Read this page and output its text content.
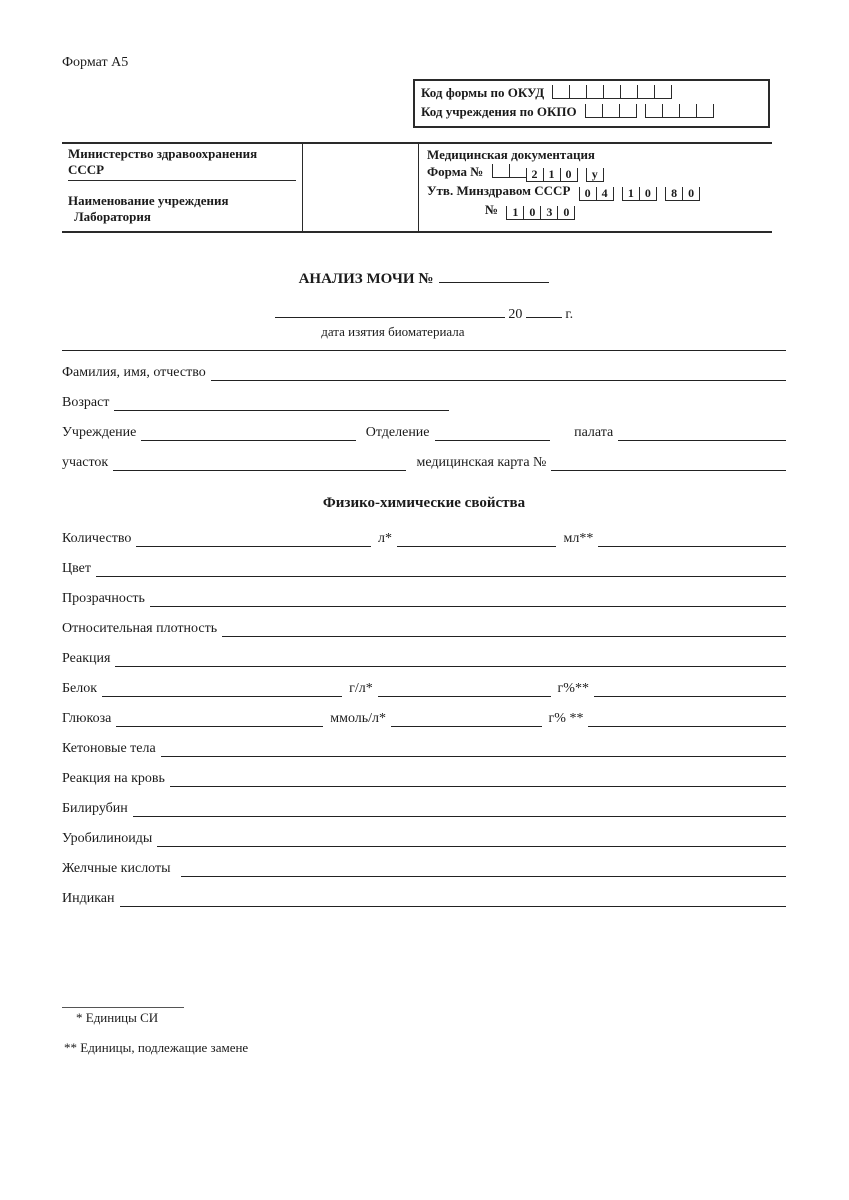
Формат А5
Код формы по ОКУД
Код учреждения по ОКПО
Министерство здравоохранения СССР
Наименование учреждения
Лаборатория
Медицинская документация
Форма №	2 1 0 у
Утв. Минздравом СССР 0 4 1 0 8 0
№ 1 0 3 0
АНАЛИЗ МОЧИ №
20	г.
дата изятия биоматериала
Фамилия, имя, отчество
Возраст
Учреждение	Отделение	палата
участок	медицинская карта №
Физико-химические свойства
Количество	л*	мл**
Цвет
Прозрачность
Относительная плотность
Реакция
Белок	г/л*	г%**
Глюкоза	ммоль/л*	г% **
Кетоновые тела
Реакция на кровь
Билирубин
Уробилиноиды
Желчные кислоты
Индикан
* Единицы СИ
** Единицы, подлежащие замене
